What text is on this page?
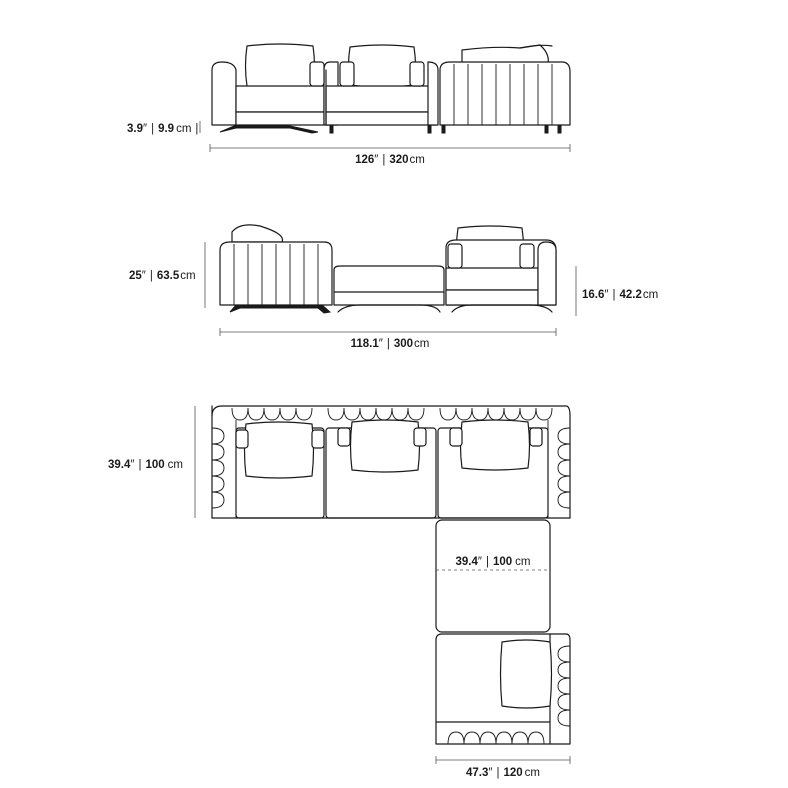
3.9″ | 9.9 cm |
126″ | 320cm
25″ | 63.5cm
16.6″ | 42.2cm
118.1″ | 300cm
39.4″ | 100 cm
39.4″ | 100 cm
47.3″ | 120 cm
